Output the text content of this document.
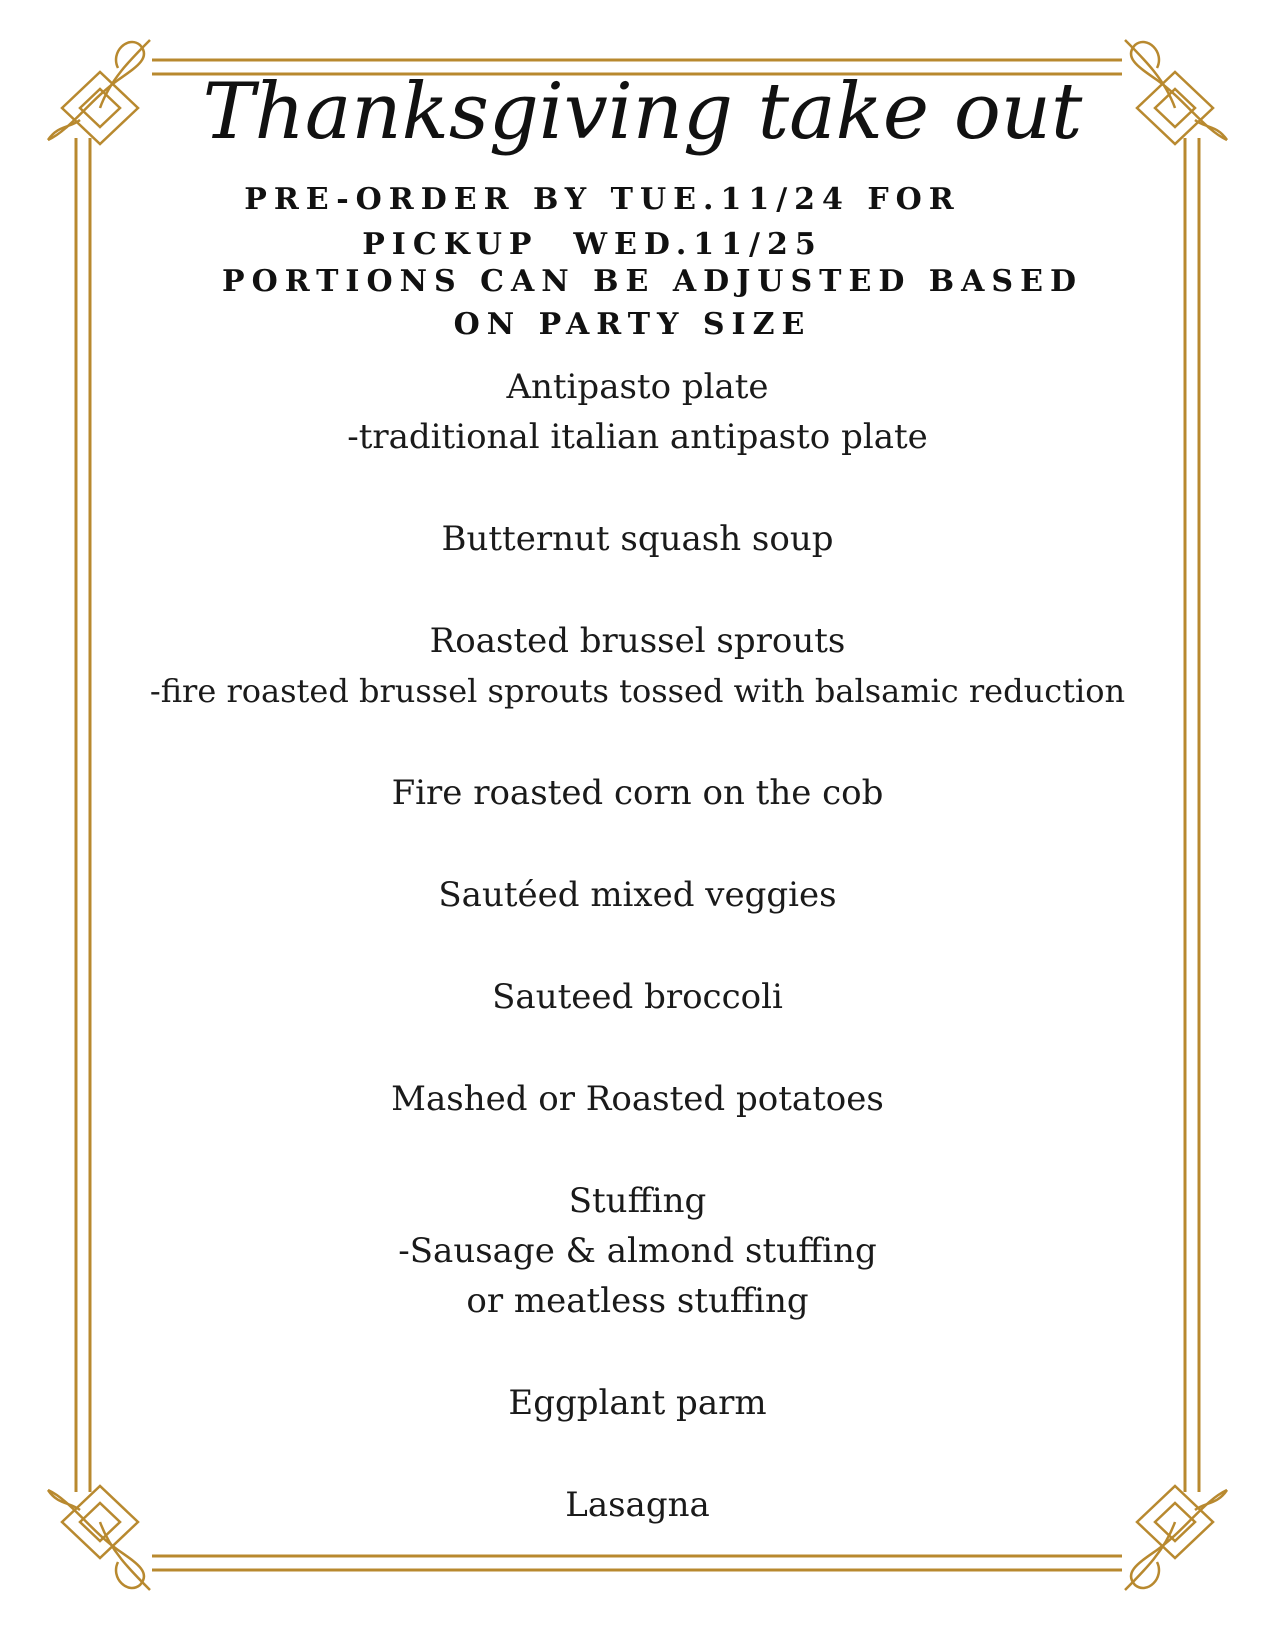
Thanksgiving take out
PRE-ORDER BY TUE.11/24 FOR
PICKUP  WED.11/25
PORTIONS CAN BE ADJUSTED BASED
ON PARTY SIZE
Antipasto plate
-traditional italian antipasto plate
Butternut squash soup
Roasted brussel sprouts
-fire roasted brussel sprouts tossed with balsamic reduction
Fire roasted corn on the cob
Sautéed mixed veggies
Sauteed broccoli
Mashed or Roasted potatoes
Stuffing
-Sausage & almond stuffing
or meatless stuffing
Eggplant parm
Lasagna
